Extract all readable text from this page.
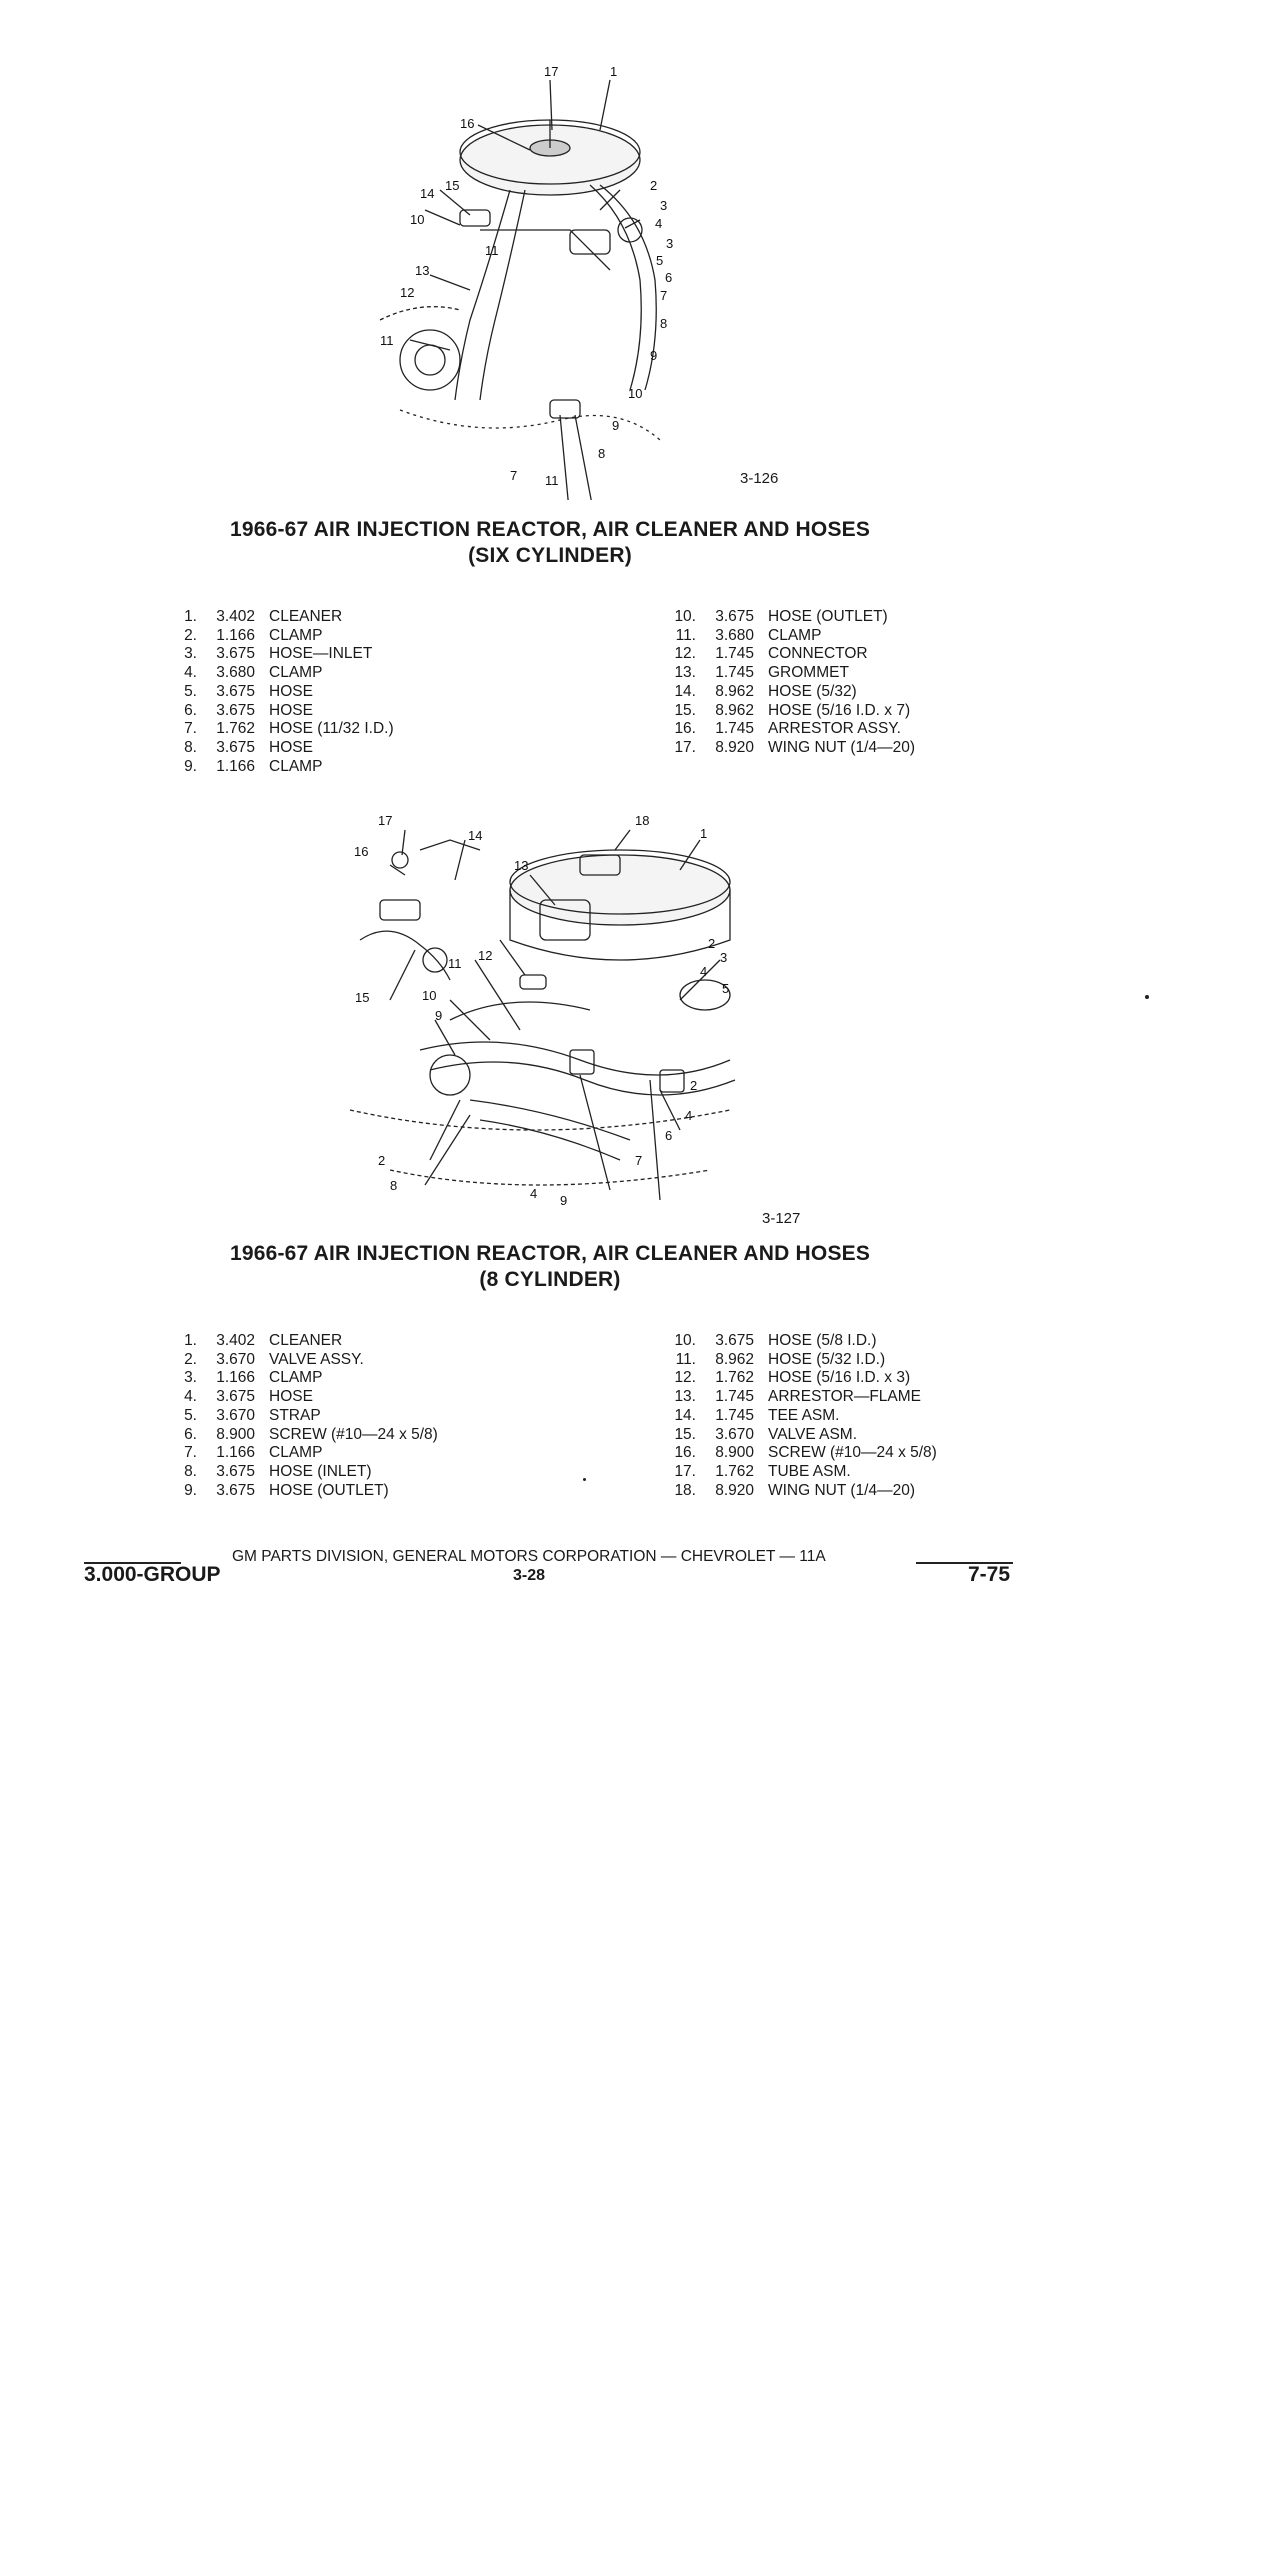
17	1
16
15
14
10
2
3
4
3
5
11
6
13
7
12
8
11
9
10
9
8
7 11	3-126
1966-67 AIR INJECTION REACTOR, AIR CLEANER AND HOSES
(SIX CYLINDER)
1.	3.402 CLEANER
2.	1.166 CLAMP
3.	3.675 HOSE—INLET
4.	3.680 CLAMP
5.	3.675 HOSE
6.	3.675 HOSE
7.	1.762 HOSE (11/32 I.D.)
8.	3.675 HOSE
9.	1.166 CLAMP
10.	3.675 HOSE (OUTLET)
11.	3.680 CLAMP
12.	1.745 CONNECTOR
13.	1.745 GROMMET
14.	8.962 HOSE (5/32)
15.	8.962 HOSE (5/16 I.D. x 7)
16.	1.745 ARRESTOR ASSY.
17.	8.920 WING NUT (1/4—20)
17
14
18
1
16
13
12
11
2
3
4
5
15	10
9
2
4
6
2	7
8
4 9
3-127
1966-67 AIR INJECTION REACTOR, AIR CLEANER AND HOSES
(8 CYLINDER)
1.	3.402 CLEANER
2.	3.670 VALVE ASSY.
3.	1.166 CLAMP
4.	3.675 HOSE
5.	3.670 STRAP
6.	8.900 SCREW (#10—24 x 5/8)
7.	1.166 CLAMP
8.	3.675 HOSE (INLET)
9.	3.675 HOSE (OUTLET)
10.	3.675 HOSE (5/8 I.D.)
11.	8.962 HOSE (5/32 I.D.)
12.	1.762 HOSE (5/16 I.D. x 3)
13.	1.745 ARRESTOR—FLAME
14.	1.745 TEE ASM.
15.	3.670 VALVE ASM.
16.	8.900 SCREW (#10—24 x 5/8)
17.	1.762 TUBE ASM.
18.	8.920 WING NUT (1/4—20)
GM PARTS DIVISION, GENERAL MOTORS CORPORATION — CHEVROLET — 11A
3.000-GROUP	3-28	7-75
